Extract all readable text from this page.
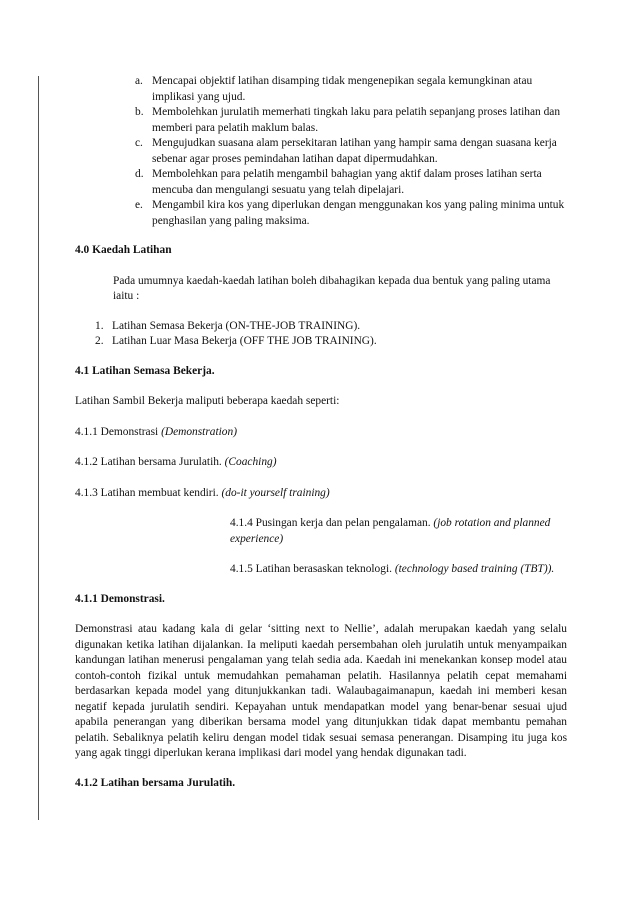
a. Mencapai objektif latihan disamping tidak mengenepikan segala kemungkinan atau implikasi yang ujud.
b. Membolehkan jurulatih memerhati tingkah laku para pelatih sepanjang proses latihan dan memberi para pelatih maklum balas.
c. Mengujudkan suasana alam persekitaran latihan yang hampir sama dengan suasana kerja sebenar agar proses pemindahan latihan dapat dipermudahkan.
d. Membolehkan para pelatih mengambil bahagian yang aktif dalam proses latihan serta mencuba dan mengulangi sesuatu yang telah dipelajari.
e. Mengambil kira kos yang diperlukan dengan menggunakan kos yang paling minima untuk penghasilan yang paling maksima.
4.0 Kaedah Latihan
Pada umumnya kaedah-kaedah latihan boleh dibahagikan kepada dua bentuk yang paling utama iaitu :
1. Latihan Semasa Bekerja (ON-THE-JOB TRAINING).
2. Latihan Luar Masa Bekerja (OFF THE JOB TRAINING).
4.1 Latihan Semasa Bekerja.
Latihan Sambil Bekerja maliputi beberapa kaedah seperti:
4.1.1 Demonstrasi (Demonstration)
4.1.2 Latihan bersama Jurulatih. (Coaching)
4.1.3 Latihan membuat kendiri. (do-it yourself training)
4.1.4 Pusingan kerja dan pelan pengalaman. (job rotation and planned experience)
4.1.5 Latihan berasaskan teknologi. (technology based training (TBT)).
4.1.1 Demonstrasi.
Demonstrasi atau kadang kala di gelar ‘sitting next to Nellie’, adalah merupakan kaedah yang selalu digunakan ketika latihan dijalankan. Ia meliputi kaedah persembahan oleh jurulatih untuk menyampaikan kandungan latihan menerusi pengalaman yang telah sedia ada. Kaedah ini menekankan konsep model atau contoh-contoh fizikal untuk memudahkan pemahaman pelatih. Hasilannya pelatih cepat memahami berdasarkan kepada model yang ditunjukkankan tadi. Walaubagaimanapun, kaedah ini memberi kesan negatif kepada jurulatih sendiri. Kepayahan untuk mendapatkan model yang benar-benar sesuai ujud apabila penerangan yang diberikan bersama model yang ditunjukkan tidak dapat membantu pemahan pelatih. Sebaliknya pelatih keliru dengan model tidak sesuai semasa penerangan. Disamping itu juga kos yang agak tinggi diperlukan kerana implikasi dari model yang hendak digunakan tadi.
4.1.2 Latihan bersama Jurulatih.
